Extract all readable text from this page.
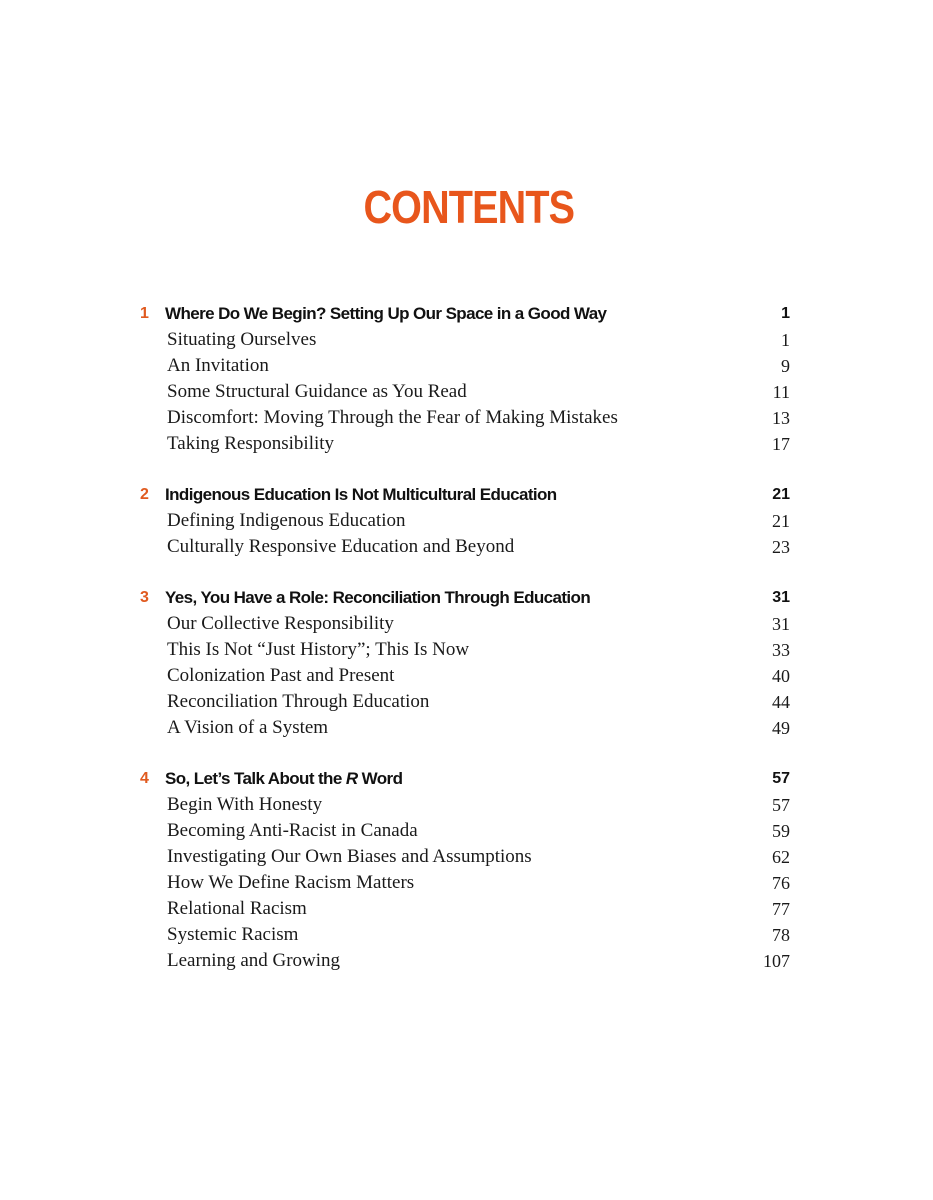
CONTENTS
1 Where Do We Begin? Setting Up Our Space in a Good Way	1
Situating Ourselves	1
An Invitation	9
Some Structural Guidance as You Read	11
Discomfort: Moving Through the Fear of Making Mistakes	13
Taking Responsibility	17
2 Indigenous Education Is Not Multicultural Education	21
Defining Indigenous Education	21
Culturally Responsive Education and Beyond	23
3 Yes, You Have a Role: Reconciliation Through Education	31
Our Collective Responsibility	31
This Is Not “Just History”; This Is Now	33
Colonization Past and Present	40
Reconciliation Through Education	44
A Vision of a System	49
4 So, Let’s Talk About the R Word	57
Begin With Honesty	57
Becoming Anti-Racist in Canada	59
Investigating Our Own Biases and Assumptions	62
How We Define Racism Matters	76
Relational Racism	77
Systemic Racism	78
Learning and Growing	107
